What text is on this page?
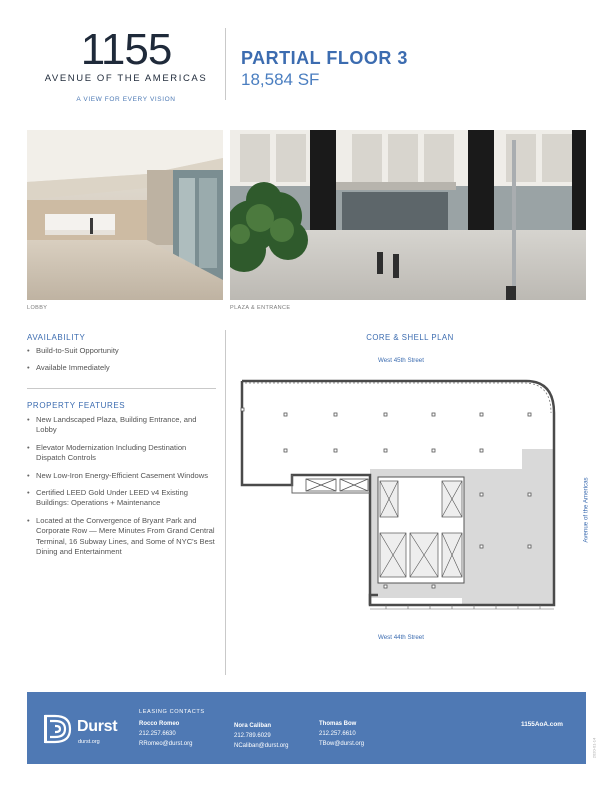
1155
AVENUE OF THE AMERICAS
A VIEW FOR EVERY VISION
PARTIAL FLOOR 3
18,584 SF
LOBBY	PLAZA & ENTRANCE
AVAILABILITY
• Build-to-Suit Opportunity
• Available Immediately
PROPERTY FEATURES
• New Landscaped Plaza, Building Entrance, and Lobby
• Elevator Modernization Including Destination Dispatch Controls
• New Low-Iron Energy-Efficient Casement Windows
• Certified LEED Gold Under LEED v4 Existing Buildings: Operations + Maintenance
• Located at the Convergence of Bryant Park and Corporate Row — Mere Minutes From Grand Central Terminal, 16 Subway Lines, and Some of NYC's Best Dining and Entertainment
CORE & SHELL PLAN
West 45th Street
Avenue of the Americas
West 44th Street
Durst
durst.org
LEASING CONTACTS
Rocco Romeo
212.257.6630
RRomeo@durst.org
Nora Caliban
212.789.6029
NCaliban@durst.org
Thomas Bow
212.257.6610
TBow@durst.org
1155AoA.com
2020-01-14
